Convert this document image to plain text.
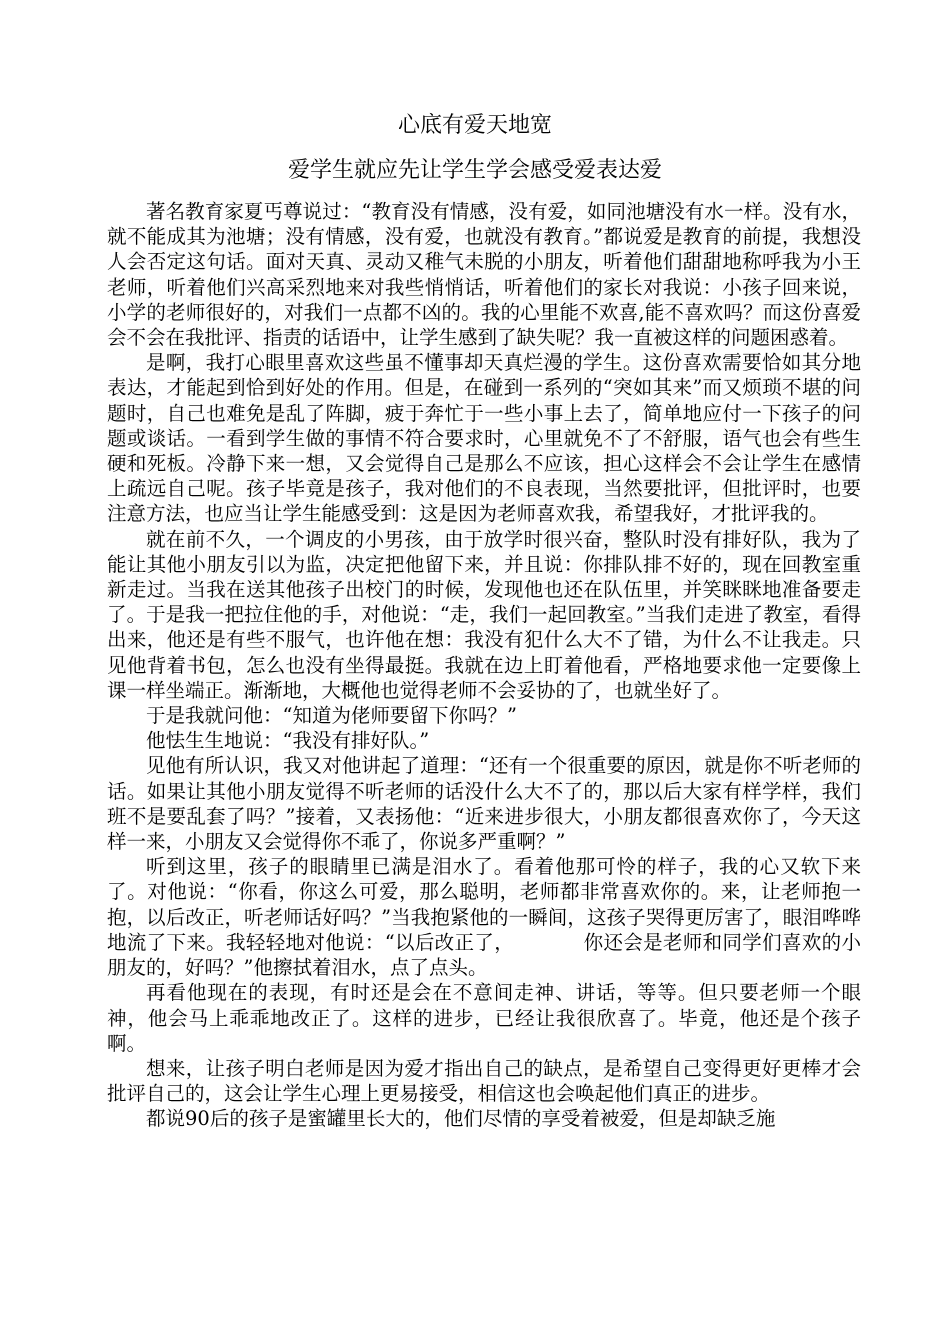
心底有爱天地宽
爱学生就应先让学生学会感受爱表达爱

著名教育家夏丐尊说过：“教育没有情感，没有爱，如同池塘没有水一样。没有水，就不能成其为池塘；没有情感，没有爱，也就没有教育。”都说爱是教育的前提，我想没人会否定这句话。面对天真、灵动又稚气未脱的小朋友，听着他们甜甜地称呼我为小王老师，听着他们兴高采烈地来对我些悄悄话，听着他们的家长对我说：小孩子回来说，小学的老师很好的，对我们一点都不凶的。我的心里能不欢喜,能不喜欢吗？而这份喜爱会不会在我批评、指责的话语中，让学生感到了缺失呢？我一直被这样的问题困惑着。

是啊，我打心眼里喜欢这些虽不懂事却天真烂漫的学生。这份喜欢需要恰如其分地表达，才能起到恰到好处的作用。但是，在碰到一系列的“突如其来”而又烦琐不堪的问题时，自己也难免是乱了阵脚，疲于奔忙于一些小事上去了，简单地应付一下孩子的问题或谈话。一看到学生做的事情不符合要求时，心里就免不了不舒服，语气也会有些生硬和死板。冷静下来一想，又会觉得自己是那么不应该，担心这样会不会让学生在感情上疏远自己呢。孩子毕竟是孩子，我对他们的不良表现，当然要批评，但批评时，也要注意方法，也应当让学生能感受到：这是因为老师喜欢我，希望我好，才批评我的。

就在前不久，一个调皮的小男孩，由于放学时很兴奋，整队时没有排好队，我为了能让其他小朋友引以为监，决定把他留下来，并且说：你排队排不好的，现在回教室重新走过。当我在送其他孩子出校门的时候，发现他也还在队伍里，并笑眯眯地准备要走了。于是我一把拉住他的手，对他说：“走，我们一起回教室。”当我们走进了教室，看得出来，他还是有些不服气，也许他在想：我没有犯什么大不了错，为什么不让我走。只见他背着书包，怎么也没有坐得最挺。我就在边上盯着他看，严格地要求他一定要像上课一样坐端正。渐渐地，大概他也觉得老师不会妥协的了，也就坐好了。

于是我就问他：“知道为佬师要留下你吗？”

他怯生生地说：“我没有排好队。”

见他有所认识，我又对他讲起了道理：“还有一个很重要的原因，就是你不听老师的话。如果让其他小朋友觉得不听老师的话没什么大不了的，那以后大家有样学样，我们班不是要乱套了吗？”接着，又表扬他：“近来进步很大，小朋友都很喜欢你了，今天这样一来，小朋友又会觉得你不乖了，你说多严重啊？”

听到这里，孩子的眼睛里已满是泪水了。看着他那可怜的样子，我的心又软下来了。对他说：“你看，你这么可爱，那么聪明，老师都非常喜欢你的。来，让老师抱一抱，以后改正，听老师话好吗？”当我抱紧他的一瞬间，这孩子哭得更厉害了，眼泪哗哗地流了下来。我轻轻地对他说：“以后改正了，　　　　你还会是老师和同学们喜欢的小朋友的，好吗？”他擦拭着泪水，点了点头。

再看他现在的表现，有时还是会在不意间走神、讲话，等等。但只要老师一个眼神，他会马上乖乖地改正了。这样的进步，已经让我很欣喜了。毕竟，他还是个孩子啊。

想来，让孩子明白老师是因为爱才指出自己的缺点，是希望自己变得更好更棒才会批评自己的，这会让学生心理上更易接受，相信这也会唤起他们真正的进步。

都说90后的孩子是蜜罐里长大的，他们尽情的享受着被爱，但是却缺乏施
